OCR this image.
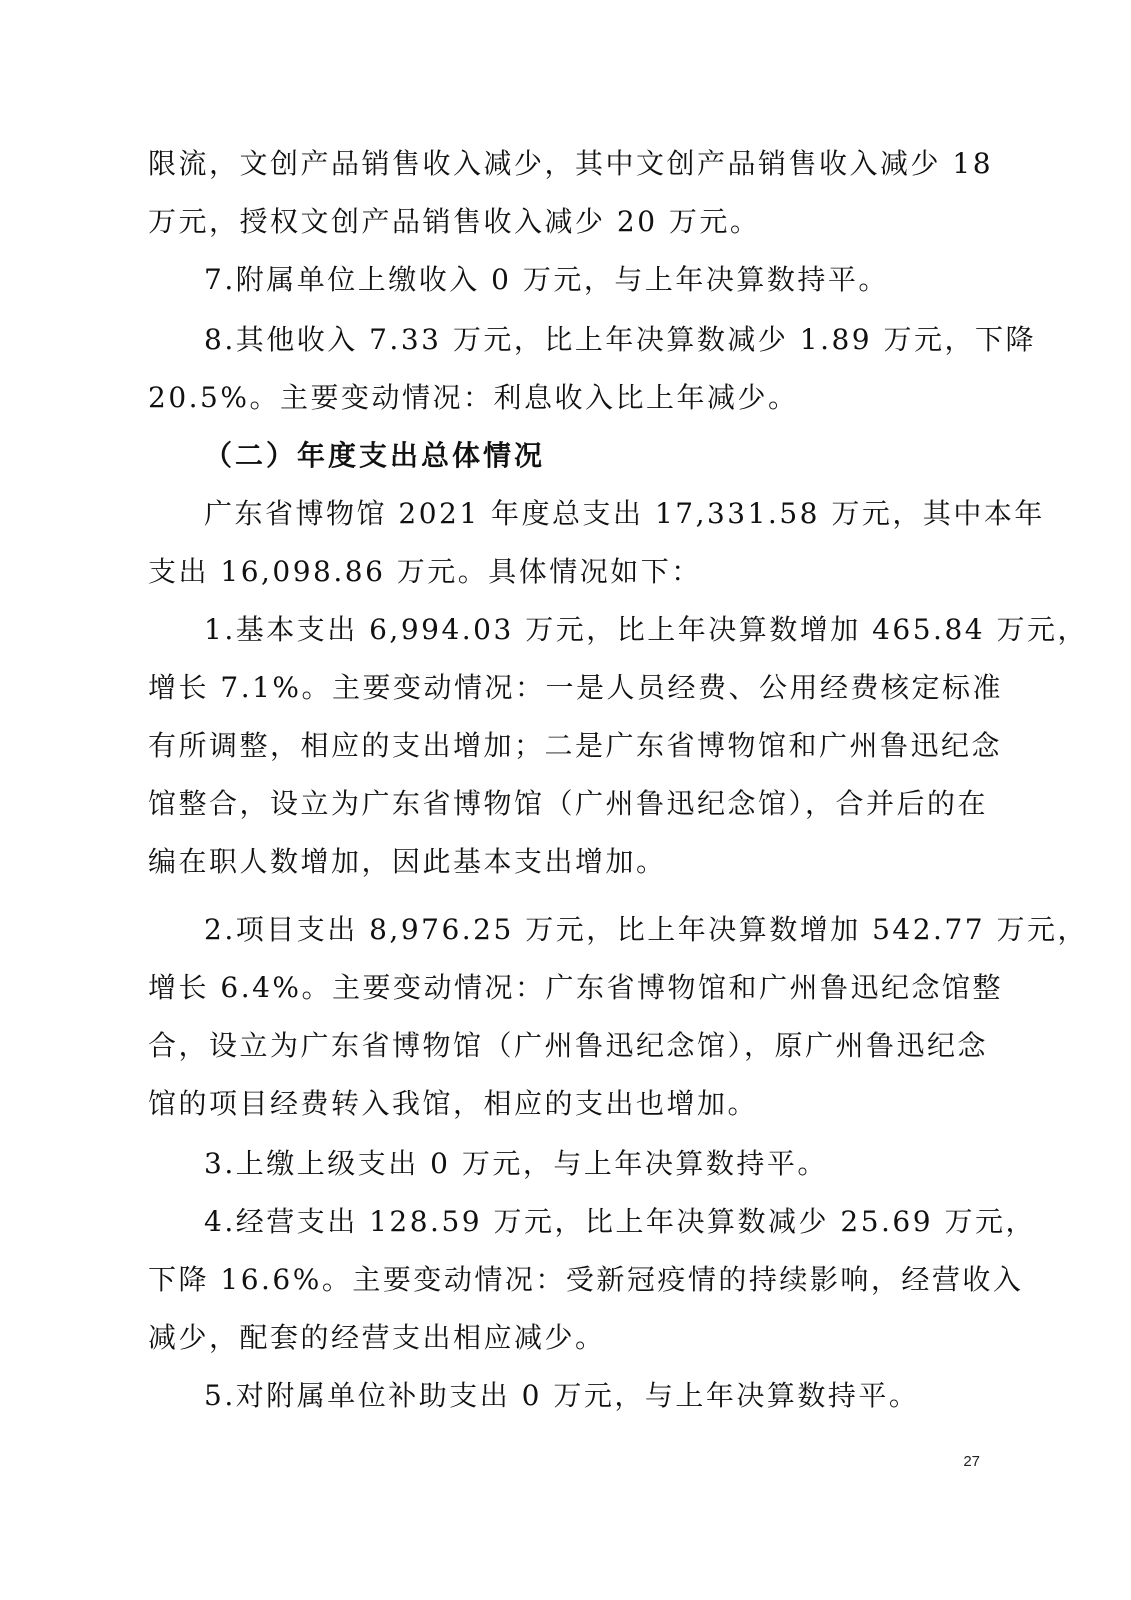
限流，文创产品销售收入减少，其中文创产品销售收入减少 18
万元，授权文创产品销售收入减少 20 万元。
7.附属单位上缴收入 0 万元，与上年决算数持平。
8.其他收入 7.33 万元，比上年决算数减少 1.89 万元，下降
20.5%。主要变动情况：利息收入比上年减少。
（二）年度支出总体情况
广东省博物馆 2021 年度总支出 17,331.58 万元，其中本年
支出 16,098.86 万元。具体情况如下：
1.基本支出 6,994.03 万元，比上年决算数增加 465.84 万元，
增长 7.1%。主要变动情况：一是人员经费、公用经费核定标准
有所调整，相应的支出增加；二是广东省博物馆和广州鲁迅纪念
馆整合，设立为广东省博物馆（广州鲁迅纪念馆），合并后的在
编在职人数增加，因此基本支出增加。
2.项目支出 8,976.25 万元，比上年决算数增加 542.77 万元，
增长 6.4%。主要变动情况：广东省博物馆和广州鲁迅纪念馆整
合，设立为广东省博物馆（广州鲁迅纪念馆），原广州鲁迅纪念
馆的项目经费转入我馆，相应的支出也增加。
3.上缴上级支出 0 万元，与上年决算数持平。
4.经营支出 128.59 万元，比上年决算数减少 25.69 万元，
下降 16.6%。主要变动情况：受新冠疫情的持续影响，经营收入
减少，配套的经营支出相应减少。
5.对附属单位补助支出 0 万元，与上年决算数持平。
27
